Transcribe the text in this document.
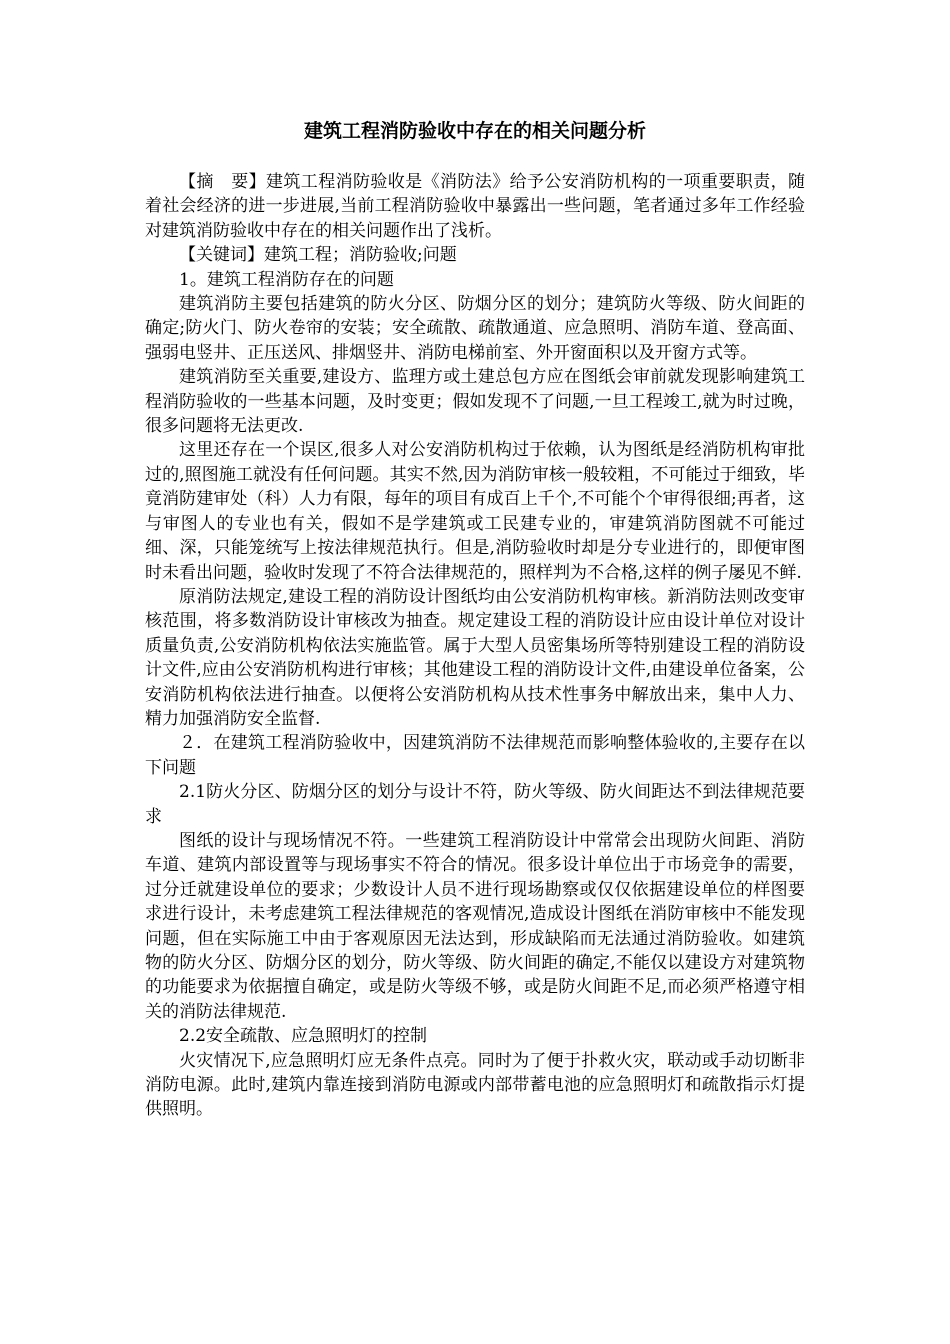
建筑工程消防验收中存在的相关问题分析

【摘　要】建筑工程消防验收是《消防法》给予公安消防机构的一项重要职责，随着社会经济的进一步进展,当前工程消防验收中暴露出一些问题，笔者通过多年工作经验对建筑消防验收中存在的相关问题作出了浅析。

【关键词】建筑工程；消防验收;问题

1。建筑工程消防存在的问题

建筑消防主要包括建筑的防火分区、防烟分区的划分；建筑防火等级、防火间距的确定;防火门、防火卷帘的安装；安全疏散、疏散通道、应急照明、消防车道、登高面、强弱电竖井、正压送风、排烟竖井、消防电梯前室、外开窗面积以及开窗方式等。

建筑消防至关重要,建设方、监理方或土建总包方应在图纸会审前就发现影响建筑工程消防验收的一些基本问题，及时变更；假如发现不了问题,一旦工程竣工,就为时过晚，很多问题将无法更改.

这里还存在一个误区,很多人对公安消防机构过于依赖，认为图纸是经消防机构审批过的,照图施工就没有任何问题。其实不然,因为消防审核一般较粗，不可能过于细致，毕竟消防建审处（科）人力有限，每年的项目有成百上千个,不可能个个审得很细;再者，这与审图人的专业也有关，假如不是学建筑或工民建专业的，审建筑消防图就不可能过细、深，只能笼统写上按法律规范执行。但是,消防验收时却是分专业进行的，即便审图时未看出问题，验收时发现了不符合法律规范的，照样判为不合格,这样的例子屡见不鲜.

原消防法规定,建设工程的消防设计图纸均由公安消防机构审核。新消防法则改变审核范围，将多数消防设计审核改为抽查。规定建设工程的消防设计应由设计单位对设计质量负责,公安消防机构依法实施监管。属于大型人员密集场所等特别建设工程的消防设计文件,应由公安消防机构进行审核；其他建设工程的消防设计文件,由建设单位备案，公安消防机构依法进行抽查。以便将公安消防机构从技术性事务中解放出来，集中人力、精力加强消防安全监督.

２．在建筑工程消防验收中，因建筑消防不法律规范而影响整体验收的,主要存在以下问题

2.1防火分区、防烟分区的划分与设计不符，防火等级、防火间距达不到法律规范要求

图纸的设计与现场情况不符。一些建筑工程消防设计中常常会出现防火间距、消防车道、建筑内部设置等与现场事实不符合的情况。很多设计单位出于市场竞争的需要，过分迁就建设单位的要求；少数设计人员不进行现场勘察或仅仅依据建设单位的样图要求进行设计，未考虑建筑工程法律规范的客观情况,造成设计图纸在消防审核中不能发现问题，但在实际施工中由于客观原因无法达到，形成缺陷而无法通过消防验收。如建筑物的防火分区、防烟分区的划分，防火等级、防火间距的确定,不能仅以建设方对建筑物的功能要求为依据擅自确定，或是防火等级不够，或是防火间距不足,而必须严格遵守相关的消防法律规范.

2.2安全疏散、应急照明灯的控制

火灾情况下,应急照明灯应无条件点亮。同时为了便于扑救火灾，联动或手动切断非消防电源。此时,建筑内靠连接到消防电源或内部带蓄电池的应急照明灯和疏散指示灯提供照明。
